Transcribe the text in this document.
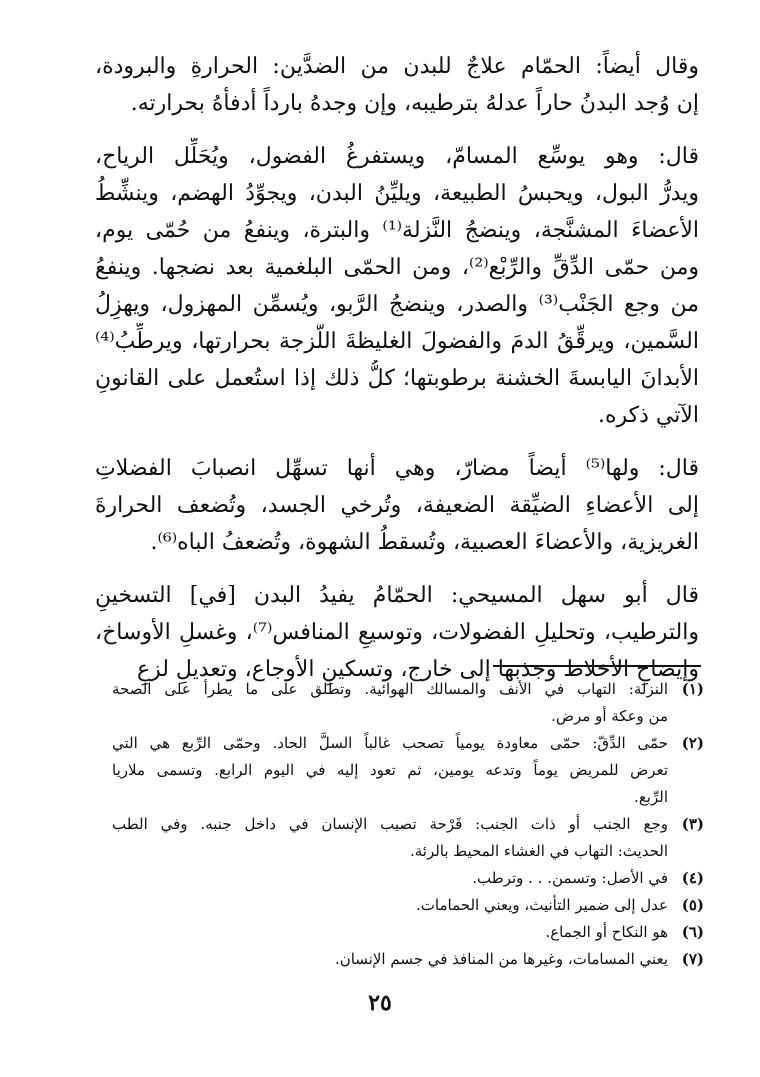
وقال أيضاً: الحمّام علاجٌ للبدن من الضدَّين: الحرارةِ والبرودة،
إن وُجد البدنُ حاراً عدلهُ بترطيبه، وإن وجدهُ بارداً أدفأهُ بحرارته.
قال: وهو يوسِّع المسامّ، ويستفرغُ الفضول، ويُحَلِّل الرياح،
ويدرُّ البول، ويحبسُ الطبيعة، ويليِّنُ البدن، ويجوِّدُ الهضم، وينشِّطُ
الأعضاءَ المشنَّجة، وينضجُ النَّزلة⁽¹⁾ والبترة، وينفعُ من حُمّى يوم،
ومن حمّى الدِّقِّ والرِّبْع⁽²⁾، ومن الحمّى البلغمية بعد نضجها. وينفعُ
من وجع الجَنْب⁽³⁾ والصدر، وينضجُ الرَّبو، ويُسمِّن المهزول، ويهزِلُ
السَّمين، ويرقِّقُ الدمَ والفضولَ الغليظةَ اللَّزجة بحرارتها، ويرطِّبُ⁽⁴⁾
الأبدانَ اليابسةَ الخشنة برطوبتها؛ كلُّ ذلك إذا استُعمل على القانونِ
الآتي ذكره.
قال: ولها⁽⁵⁾ أيضاً مضارّ، وهي أنها تسهِّل انصبابَ الفضلاتِ
إلى الأعضاءِ الضيِّقة الضعيفة، وتُرخي الجسد، وتُضعف الحرارةَ
الغريزية، والأعضاءَ العصبية، وتُسقطُ الشهوة، وتُضعفُ الباه⁽⁶⁾.
قال أبو سهل المسيحي: الحمّامُ يفيدُ البدن [في] التسخينِ
والترطيب، وتحليلِ الفضولات، وتوسيعِ المنافس⁽⁷⁾، وغسلِ الأوساخ،
وإيضاحِ الأخلاط وجذبها إلى خارج، وتسكينِ الأوجاع، وتعديلِ لزعِ
(١)
النزلة: التهاب في الأنف والمسالك الهوائية. وتطلق على ما يطرأ على الصحة
من وعكة أو مرض.
(٢)
حمّى الدِّقّ: حمّى معاودة يومياً تصحب غالباً السلَّ الحاد. وحمّى الرِّبع هي التي
تعرض للمريض يوماً وتدعه يومين، ثم تعود إليه في اليوم الرابع. وتسمى ملاريا
الرِّبع.
(٣)
وجع الجنب أو ذات الجنب: قَرْحة تصيب الإنسان في داخل جنبه. وفي الطب
الحديث: التهاب في الغشاء المحيط بالرئة.
(٤)
في الأصل: وتسمن. . . وترطب.
(٥)
عدل إلى ضمير التأنيث، ويعني الحمامات.
(٦)
هو النكاح أو الجماع.
(٧)
يعني المسامات، وغيرها من المنافذ في جسم الإنسان.
٢٥
